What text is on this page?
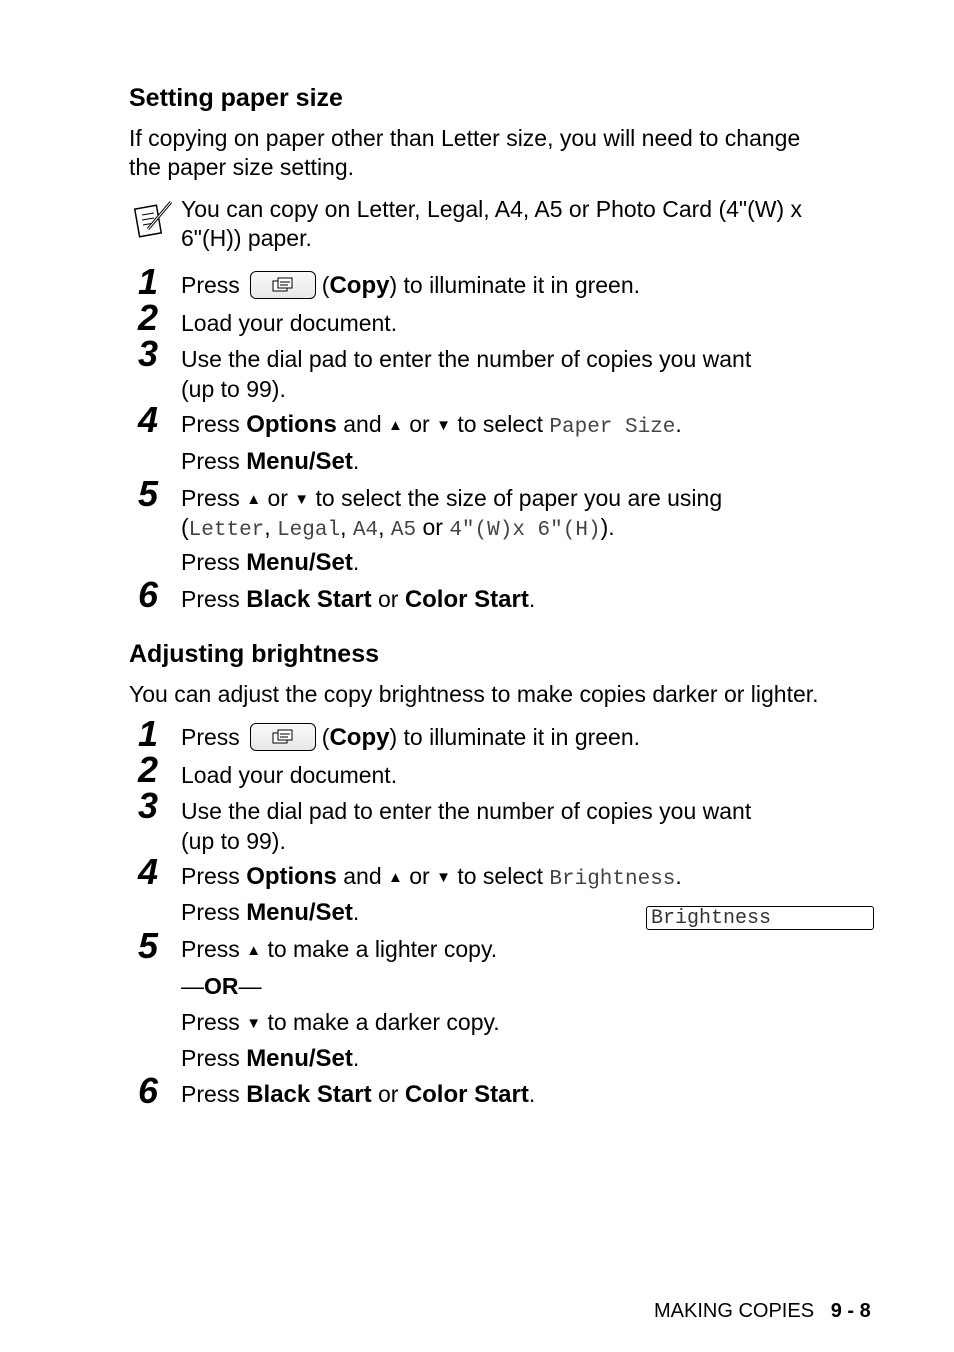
Setting paper size
If copying on paper other than Letter size, you will need to change
the paper size setting.
You can copy on Letter, Legal, A4, A5 or Photo Card (4"(W) x
6"(H)) paper.
1 Press	(Copy) to illuminate it in green.
2 Load your document.
3 Use the dial pad to enter the number of copies you want
(up to 99).
4 Press Options and ▲ or ▼ to select Paper Size.
Press Menu/Set.
5 Press ▲ or ▼ to select the size of paper you are using
(Letter, Legal, A4, A5 or 4"(W)x 6"(H)).
Press Menu/Set.
6 Press Black Start or Color Start.
Adjusting brightness
You can adjust the copy brightness to make copies darker or lighter.
1 Press	(Copy) to illuminate it in green.
2 Load your document.
3 Use the dial pad to enter the number of copies you want
(up to 99).
4 Press Options and ▲ or ▼ to select Brightness.
Press Menu/Set.	Brightness
5 Press ▲ to make a lighter copy.
—OR—
Press ▼ to make a darker copy.
Press Menu/Set.
6 Press Black Start or Color Start.
MAKING COPIES 9 - 8
